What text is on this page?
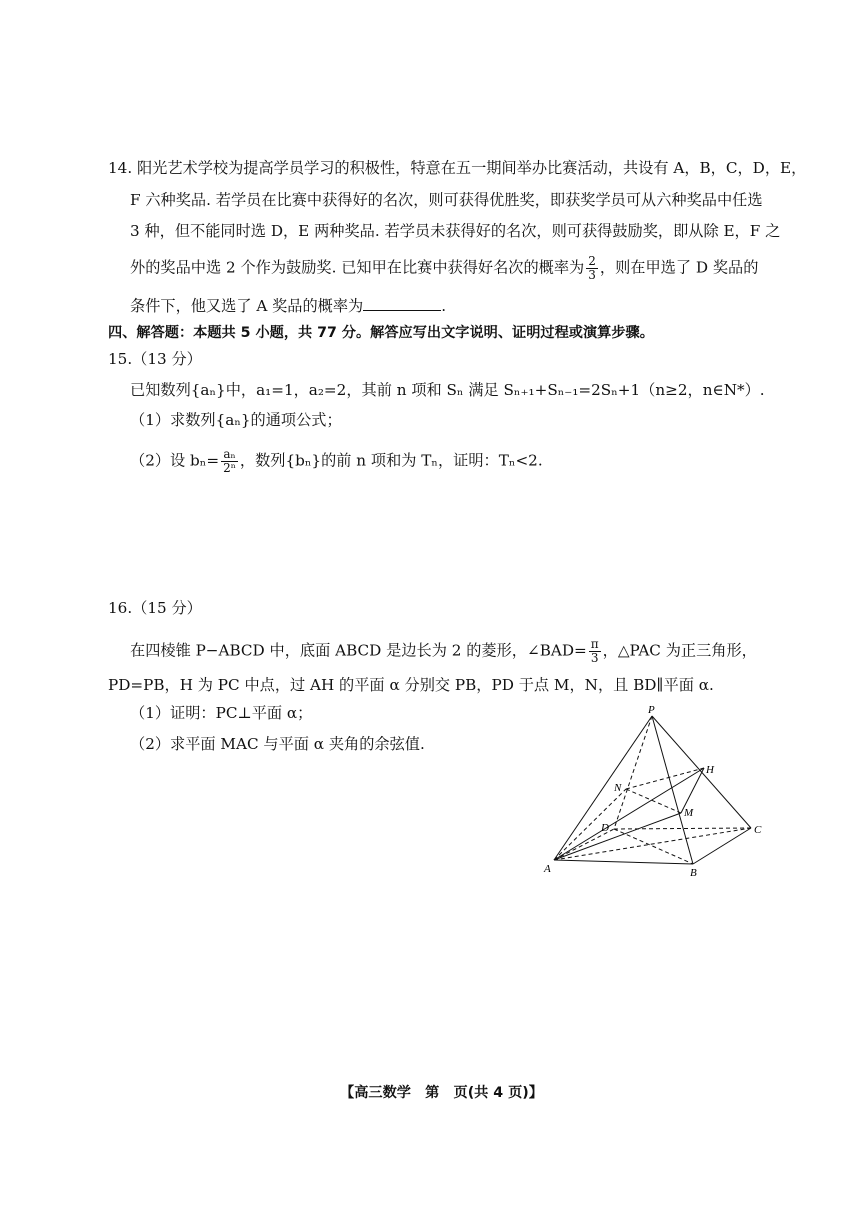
14. 阳光艺术学校为提高学员学习的积极性，特意在五一期间举办比赛活动，共设有 A，B，C，D，E，
F 六种奖品. 若学员在比赛中获得好的名次，则可获得优胜奖，即获奖学员可从六种奖品中任选
3 种，但不能同时选 D，E 两种奖品. 若学员未获得好的名次，则可获得鼓励奖，即从除 E，F 之
外的奖品中选 2 个作为鼓励奖. 已知甲在比赛中获得好名次的概率为 $\frac{2}{3}$ ，则在甲选了 D 奖品的
条件下，他又选了 A 奖品的概率为	.
四、解答题：本题共 5 小题，共 77 分。解答应写出文字说明、证明过程或演算步骤。
15.（13 分）
已知数列{aₙ}中，a₁=1，a₂=2，其前 n 项和 Sₙ 满足 Sₙ₊₁+Sₙ₋₁=2Sₙ+1（n≥2，n∈N*）.
（1）求数列{aₙ}的通项公式；
（2）设 $b_n= \frac{\text{aₙ}}{\text{2ⁿ}}$ ，数列{bₙ}的前 n 项和为 Tₙ，证明：Tₙ<2.
16.（15 分）
在四棱锥 P−ABCD 中，底面 ABCD 是边长为 2 的菱形，∠BAD= $\frac{\pi}{3}$ ，△PAC 为正三角形，
PD=PB，H 为 PC 中点，过 AH 的平面 α 分别交 PB，PD 于点 M，N，且 BD∥平面 α.
（1）证明：PC⊥平面 α；
（2）求平面 MAC 与平面 α 夹角的余弦值.
P
H
N
M
D	C
A	B
【高三数学　第　页(共 4 页)】
